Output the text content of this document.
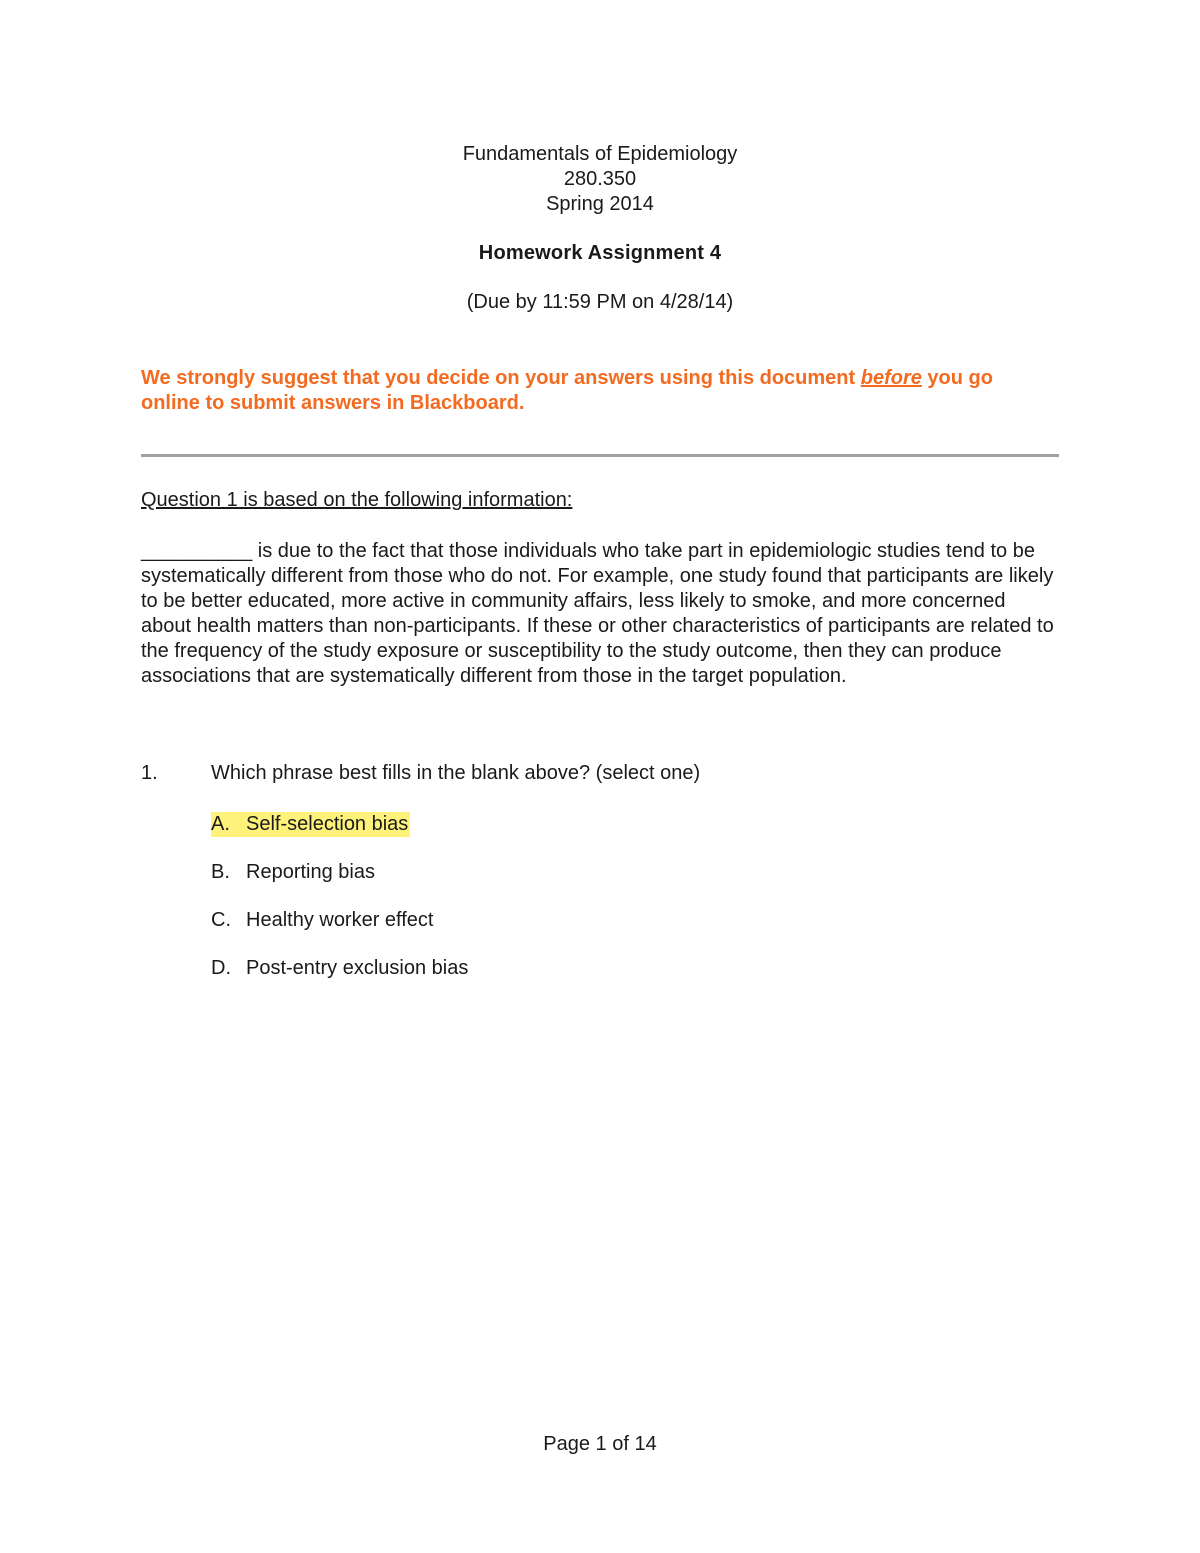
Fundamentals of Epidemiology
280.350
Spring 2014
Homework Assignment 4
(Due by 11:59 PM on 4/28/14)
We strongly suggest that you decide on your answers using this document before you go online to submit answers in Blackboard.
Question 1 is based on the following information:
__________ is due to the fact that those individuals who take part in epidemiologic studies tend to be systematically different from those who do not. For example, one study found that participants are likely to be better educated, more active in community affairs, less likely to smoke, and more concerned about health matters than non-participants. If these or other characteristics of participants are related to the frequency of the study exposure or susceptibility to the study outcome, then they can produce associations that are systematically different from those in the target population.
1.	Which phrase best fills in the blank above? (select one)
A. Self-selection bias
B. Reporting bias
C. Healthy worker effect
D. Post-entry exclusion bias
Page 1 of 14
